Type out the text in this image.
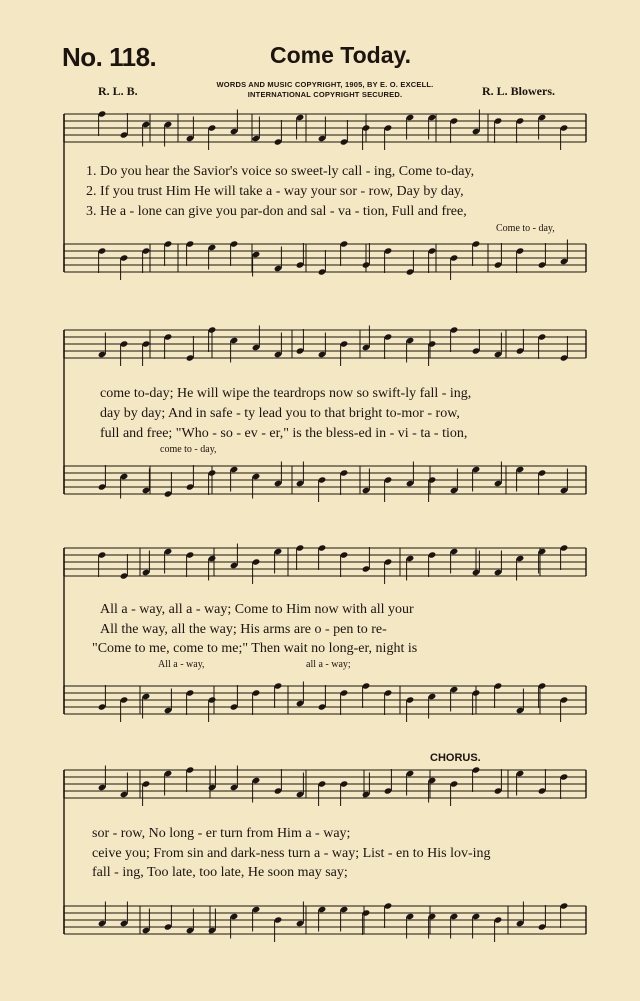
No. 118.	Come Today.
WORDS AND MUSIC COPYRIGHT, 1905, BY E. O. EXCELL.
INTERNATIONAL COPYRIGHT SECURED.
R. L. B.	R. L. Blowers.
1. Do you hear the Savior's voice so sweet-ly call - ing, Come to-day,
2. If you trust Him He will take a - way your sor - row, Day by day,
3. He a - lone can give you par-don and sal - va - tion, Full and free,
Come to - day,
come to-day; He will wipe the teardrops now so swift-ly fall - ing,
day by day; And in safe - ty lead you to that bright to-mor - row,
full and free; "Who - so - ev - er," is the bless-ed in - vi - ta - tion,
come to - day,
All a - way, all a - way; Come to Him now with all your
All the way, all the way; His arms are o - pen to re-
"Come to me, come to me;" Then wait no long-er, night is
All a - way,	all a - way;
CHORUS.
sor - row, No long - er turn from Him a - way;
ceive you; From sin and dark-ness turn a - way; List - en to His lov-ing
fall - ing, Too late, too late, He soon may say;
